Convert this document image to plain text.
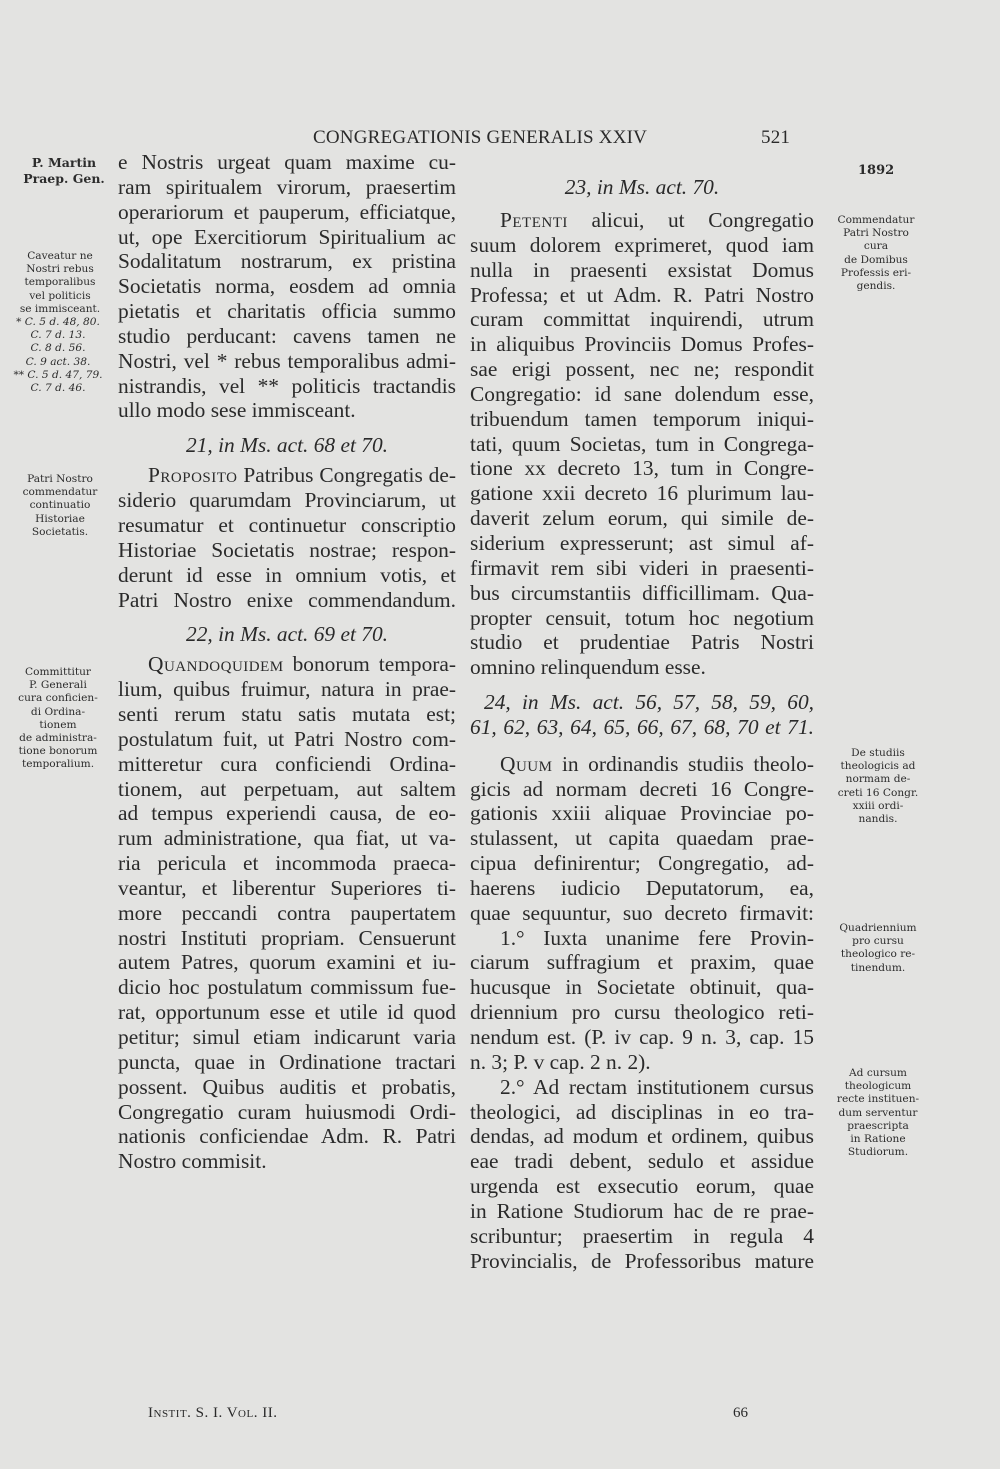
CONGREGATIONIS GENERALIS XXIV	521
P. Martin
Praep. Gen.
1892
Caveatur ne
Nostri rebus
temporalibus
vel politicis
se immisceant.
* C. 5 d. 48, 80.
C. 7 d. 13.
C. 8 d. 56.
C. 9 act. 38.
** C. 5 d. 47, 79.
C. 7 d. 46.
Patri Nostro
commendatur
continuatio
Historiae
Societatis.
Committitur
P. Generali
cura conficien-
di Ordina-
tionem
de administra-
tione bonorum
temporalium.
Commendatur
Patri Nostro
cura
de Domibus
Professis eri-
gendis.
De studiis
theologicis ad
normam de-
creti 16 Congr.
xxiii ordi-
nandis.
Quadriennium
pro cursu
theologico re-
tinendum.
Ad cursum
theologicum
recte instituen-
dum serventur
praescripta
in Ratione
Studiorum.
e Nostris urgeat quam maxime cu-
ram spiritualem virorum, praesertim
operariorum et pauperum, efficiatque,
ut, ope Exercitiorum Spiritualium ac
Sodalitatum nostrarum, ex pristina
Societatis norma, eosdem ad omnia
pietatis et charitatis officia summo
studio perducant: cavens tamen ne
Nostri, vel * rebus temporalibus admi-
nistrandis, vel ** politicis tractandis
ullo modo sese immisceant.
21, in Ms. act. 68 et 70.
Proposito Patribus Congregatis de-
siderio quarumdam Provinciarum, ut
resumatur et continuetur conscriptio
Historiae Societatis nostrae; respon-
derunt id esse in omnium votis, et
Patri Nostro enixe commendandum.
22, in Ms. act. 69 et 70.
Quandoquidem bonorum tempora-
lium, quibus fruimur, natura in prae-
senti rerum statu satis mutata est;
postulatum fuit, ut Patri Nostro com-
mitteretur cura conficiendi Ordina-
tionem, aut perpetuam, aut saltem
ad tempus experiendi causa, de eo-
rum administratione, qua fiat, ut va-
ria pericula et incommoda praeca-
veantur, et liberentur Superiores ti-
more peccandi contra paupertatem
nostri Instituti propriam. Censuerunt
autem Patres, quorum examini et iu-
dicio hoc postulatum commissum fue-
rat, opportunum esse et utile id quod
petitur; simul etiam indicarunt varia
puncta, quae in Ordinatione tractari
possent. Quibus auditis et probatis,
Congregatio curam huiusmodi Ordi-
nationis conficiendae Adm. R. Patri
Nostro commisit.
23, in Ms. act. 70.
Petenti alicui, ut Congregatio
suum dolorem exprimeret, quod iam
nulla in praesenti exsistat Domus
Professa; et ut Adm. R. Patri Nostro
curam committat inquirendi, utrum
in aliquibus Provinciis Domus Profes-
sae erigi possent, nec ne; respondit
Congregatio: id sane dolendum esse,
tribuendum tamen temporum iniqui-
tati, quum Societas, tum in Congrega-
tione xx decreto 13, tum in Congre-
gatione xxii decreto 16 plurimum lau-
daverit zelum eorum, qui simile de-
siderium expresserunt; ast simul af-
firmavit rem sibi videri in praesenti-
bus circumstantiis difficillimam. Qua-
propter censuit, totum hoc negotium
studio et prudentiae Patris Nostri
omnino relinquendum esse.
24, in Ms. act. 56, 57, 58, 59, 60,
61, 62, 63, 64, 65, 66, 67, 68, 70 et 71.
Quum in ordinandis studiis theolo-
gicis ad normam decreti 16 Congre-
gationis xxiii aliquae Provinciae po-
stulassent, ut capita quaedam prae-
cipua definirentur; Congregatio, ad-
haerens iudicio Deputatorum, ea,
quae sequuntur, suo decreto firmavit:
1.° Iuxta unanime fere Provin-
ciarum suffragium et praxim, quae
hucusque in Societate obtinuit, qua-
driennium pro cursu theologico reti-
nendum est. (P. iv cap. 9 n. 3, cap. 15
n. 3; P. v cap. 2 n. 2).
2.° Ad rectam institutionem cursus
theologici, ad disciplinas in eo tra-
dendas, ad modum et ordinem, quibus
eae tradi debent, sedulo et assidue
urgenda est exsecutio eorum, quae
in Ratione Studiorum hac de re prae-
scribuntur; praesertim in regula 4
Provincialis, de Professoribus mature
Instit. S. I. Vol. II.	66
